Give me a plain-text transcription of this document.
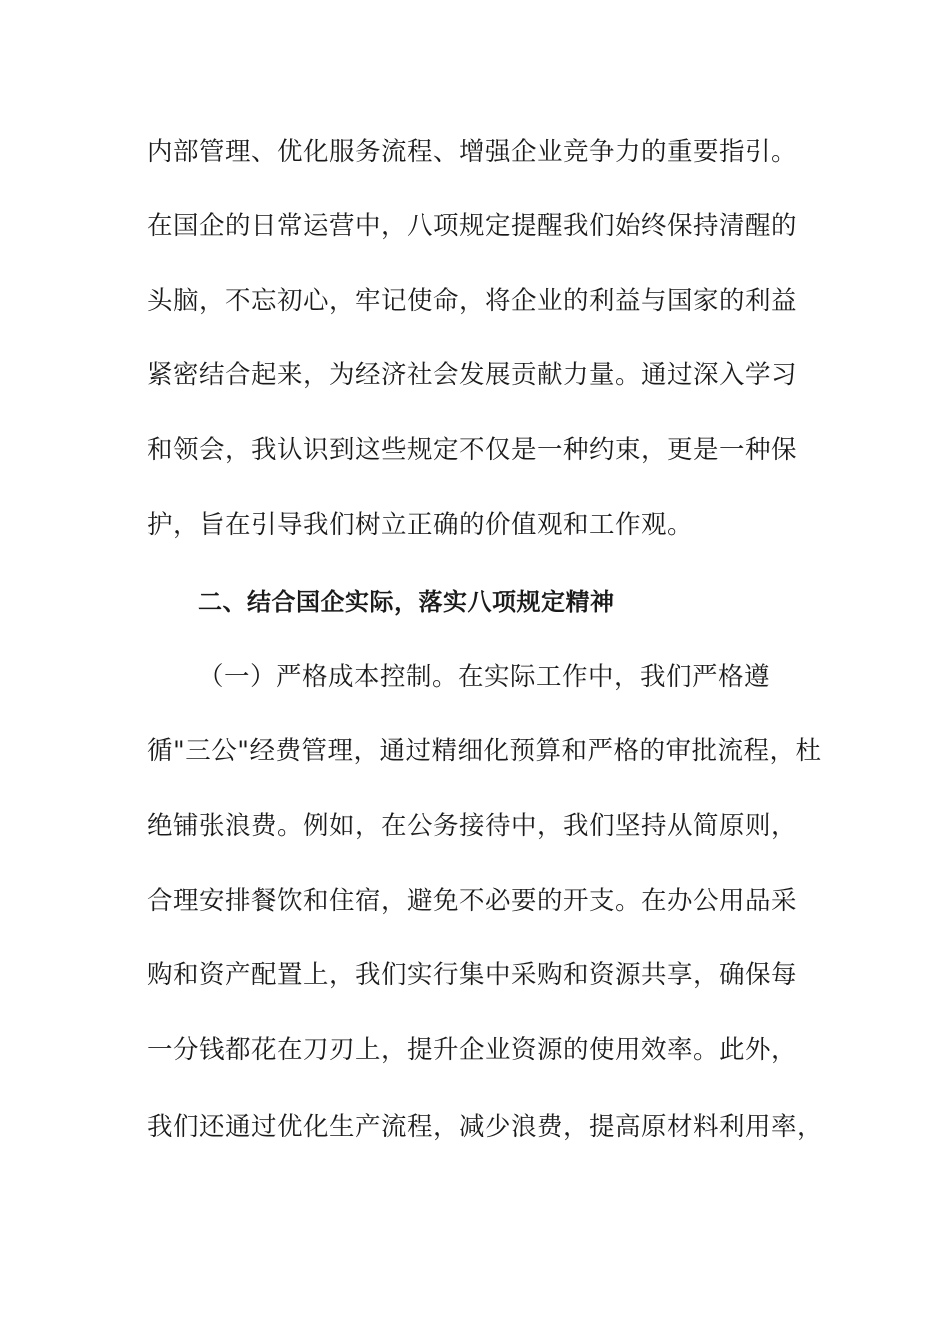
内部管理、优化服务流程、增强企业竞争力的重要指引。
在国企的日常运营中，八项规定提醒我们始终保持清醒的
头脑，不忘初心，牢记使命，将企业的利益与国家的利益
紧密结合起来，为经济社会发展贡献力量。通过深入学习
和领会，我认识到这些规定不仅是一种约束，更是一种保
护，旨在引导我们树立正确的价值观和工作观。
二、结合国企实际，落实八项规定精神
（一）严格成本控制。在实际工作中，我们严格遵
循"三公"经费管理，通过精细化预算和严格的审批流程，杜
绝铺张浪费。例如，在公务接待中，我们坚持从简原则，
合理安排餐饮和住宿，避免不必要的开支。在办公用品采
购和资产配置上，我们实行集中采购和资源共享，确保每
一分钱都花在刀刃上，提升企业资源的使用效率。此外，
我们还通过优化生产流程，减少浪费，提高原材料利用率，
